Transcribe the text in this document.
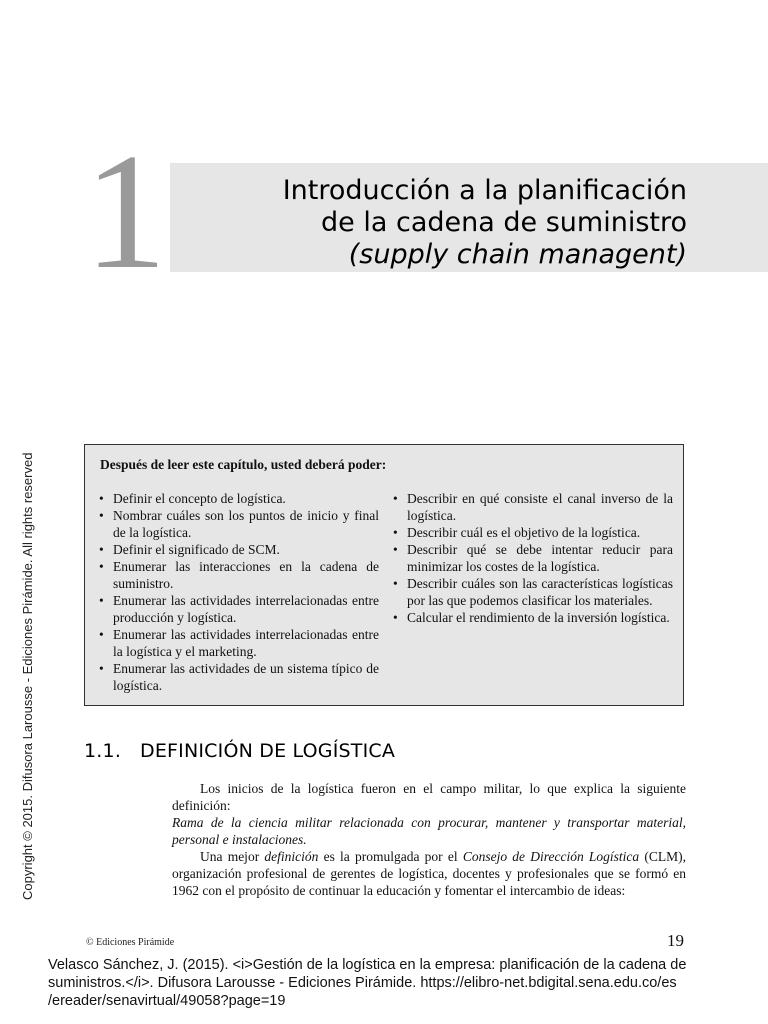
Copyright © 2015. Difusora Larousse - Ediciones Pirámide. All rights reserved
1	Introducción a la planificación
de la cadena de suministro
(supply chain managent)
Después de leer este capítulo, usted deberá poder:
• Definir el concepto de logística.
• Nombrar cuáles son los puntos de inicio y final de la logística.
• Definir el significado de SCM.
• Enumerar las interacciones en la cadena de suministro.
• Enumerar las actividades interrelacionadas entre producción y logística.
• Enumerar las actividades interrelacionadas entre la logística y el marketing.
• Enumerar las actividades de un sistema típico de logística.
• Describir en qué consiste el canal inverso de la logística.
• Describir cuál es el objetivo de la logística.
• Describir qué se debe intentar reducir para minimizar los costes de la logística.
• Describir cuáles son las características logísticas por las que podemos clasificar los materiales.
• Calcular el rendimiento de la inversión logística.
1.1. DEFINICIÓN DE LOGÍSTICA

Los inicios de la logística fueron en el campo militar, lo que explica la siguiente definición:

Rama de la ciencia militar relacionada con procurar, mantener y transportar material, personal e instalaciones.

Una mejor definición es la promulgada por el Consejo de Dirección Logística (CLM), organización profesional de gerentes de logística, docentes y profesionales que se formó en 1962 con el propósito de continuar la educación y fomentar el intercambio de ideas:

© Ediciones Pirámide	19
Velasco Sánchez, J. (2015). <i>Gestión de la logística en la empresa: planificación de la cadena de suministros.</i>. Difusora Larousse - Ediciones Pirámide. https://elibro-net.bdigital.sena.edu.co/es /ereader/senavirtual/49058?page=19
